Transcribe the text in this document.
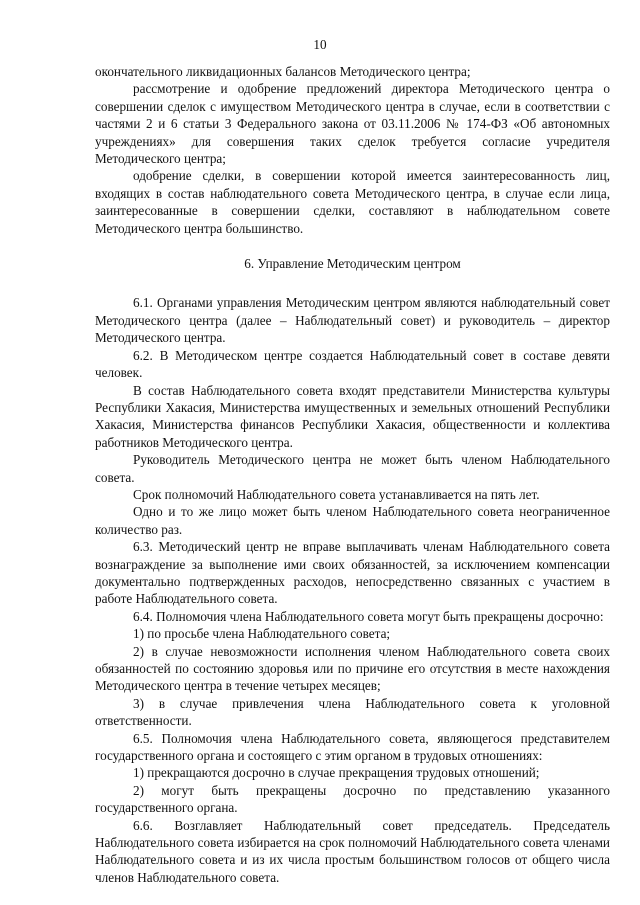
10

окончательного ликвидационных балансов Методического центра;

рассмотрение и одобрение предложений директора Методического центра о совершении сделок с имуществом Методического центра в случае, если в соответствии с частями 2 и 6 статьи 3 Федерального закона от 03.11.2006 № 174-ФЗ «Об автономных учреждениях» для совершения таких сделок требуется согласие учредителя Методического центра;

одобрение сделки, в совершении которой имеется заинтересованность лиц, входящих в состав наблюдательного совета Методического центра, в случае если лица, заинтересованные в совершении сделки, составляют в наблюдательном совете Методического центра большинство.

6. Управление Методическим центром

6.1. Органами управления Методическим центром являются наблюдательный совет Методического центра (далее – Наблюдательный совет) и руководитель – директор Методического центра.

6.2. В Методическом центре создается Наблюдательный совет в составе девяти человек.

В состав Наблюдательного совета входят представители Министерства культуры Республики Хакасия, Министерства имущественных и земельных отношений Республики Хакасия, Министерства финансов Республики Хакасия, общественности и коллектива работников Методического центра.

Руководитель Методического центра не может быть членом Наблюдательного совета.

Срок полномочий Наблюдательного совета устанавливается на пять лет.

Одно и то же лицо может быть членом Наблюдательного совета неограниченное количество раз.

6.3. Методический центр не вправе выплачивать членам Наблюдательного совета вознаграждение за выполнение ими своих обязанностей, за исключением компенсации документально подтвержденных расходов, непосредственно связанных с участием в работе Наблюдательного совета.

6.4. Полномочия члена Наблюдательного совета могут быть прекращены досрочно:

1) по просьбе члена Наблюдательного совета;

2) в случае невозможности исполнения членом Наблюдательного совета своих обязанностей по состоянию здоровья или по причине его отсутствия в месте нахождения Методического центра в течение четырех месяцев;

3) в случае привлечения члена Наблюдательного совета к уголовной ответственности.

6.5. Полномочия члена Наблюдательного совета, являющегося представителем государственного органа и состоящего с этим органом в трудовых отношениях:

1) прекращаются досрочно в случае прекращения трудовых отношений;

2) могут быть прекращены досрочно по представлению указанного государственного органа.

6.6. Возглавляет Наблюдательный совет председатель. Председатель Наблюдательного совета избирается на срок полномочий Наблюдательного совета членами Наблюдательного совета и из их числа простым большинством голосов от общего числа членов Наблюдательного совета.
